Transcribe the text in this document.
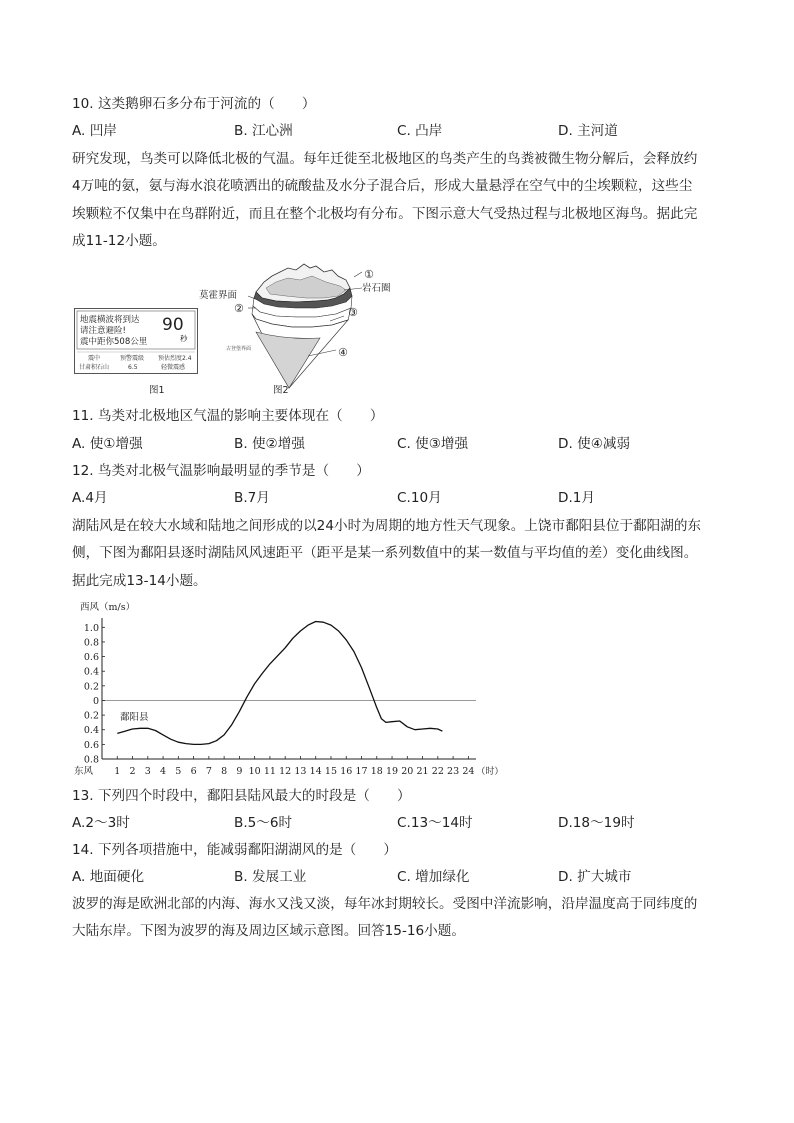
10. 这类鹅卵石多分布于河流的（　　）
A. 凹岸	B. 江心洲	C. 凸岸	D. 主河道
研究发现，鸟类可以降低北极的气温。每年迁徙至北极地区的鸟类产生的鸟粪被微生物分解后，会释放约
4万吨的氨，氨与海水浪花喷洒出的硫酸盐及水分子混合后，形成大量悬浮在空气中的尘埃颗粒，这些尘
埃颗粒不仅集中在鸟群附近，而且在整个北极均有分布。下图示意大气受热过程与北极地区海鸟。据此完
成11-12小题。
地震横波将到达
请注意避险!
震中距你508公里
90
秒
震中
甘肃积石山
预警震级
6.5
预估烈度2.4
轻微震感
图1
莫霍界面
岩石圈
古登堡界面
①
②	③
④
图2
11. 鸟类对北极地区气温的影响主要体现在（　　）
A. 使①增强	B. 使②增强	C. 使③增强	D. 使④减弱
12. 鸟类对北极气温影响最明显的季节是（　　）
A.4月	B.7月	C.10月	D.1月
湖陆风是在较大水域和陆地之间形成的以24小时为周期的地方性天气现象。上饶市鄱阳县位于鄱阳湖的东
侧，下图为鄱阳县逐时湖陆风风速距平（距平是某一系列数值中的某一数值与平均值的差）变化曲线图。
据此完成13-14小题。
西风（m/s）
东风
鄱阳县
（时）
1.0
0.8
0.6
0.4
0.2
0
0.2
0.4
0.6
0.8
1 2 3 4 5 6 7 8 9 10 11 12 13 14 15 16 17 18 19 20 21 22 23 24
13. 下列四个时段中，鄱阳县陆风最大的时段是（　　）
A.2～3时	B.5～6时	C.13～14时	D.18～19时
14. 下列各项措施中，能减弱鄱阳湖湖风的是（　　）
A. 地面硬化	B. 发展工业	C. 增加绿化	D. 扩大城市
波罗的海是欧洲北部的内海、海水又浅又淡，每年冰封期较长。受图中洋流影响，沿岸温度高于同纬度的
大陆东岸。下图为波罗的海及周边区域示意图。回答15-16小题。
